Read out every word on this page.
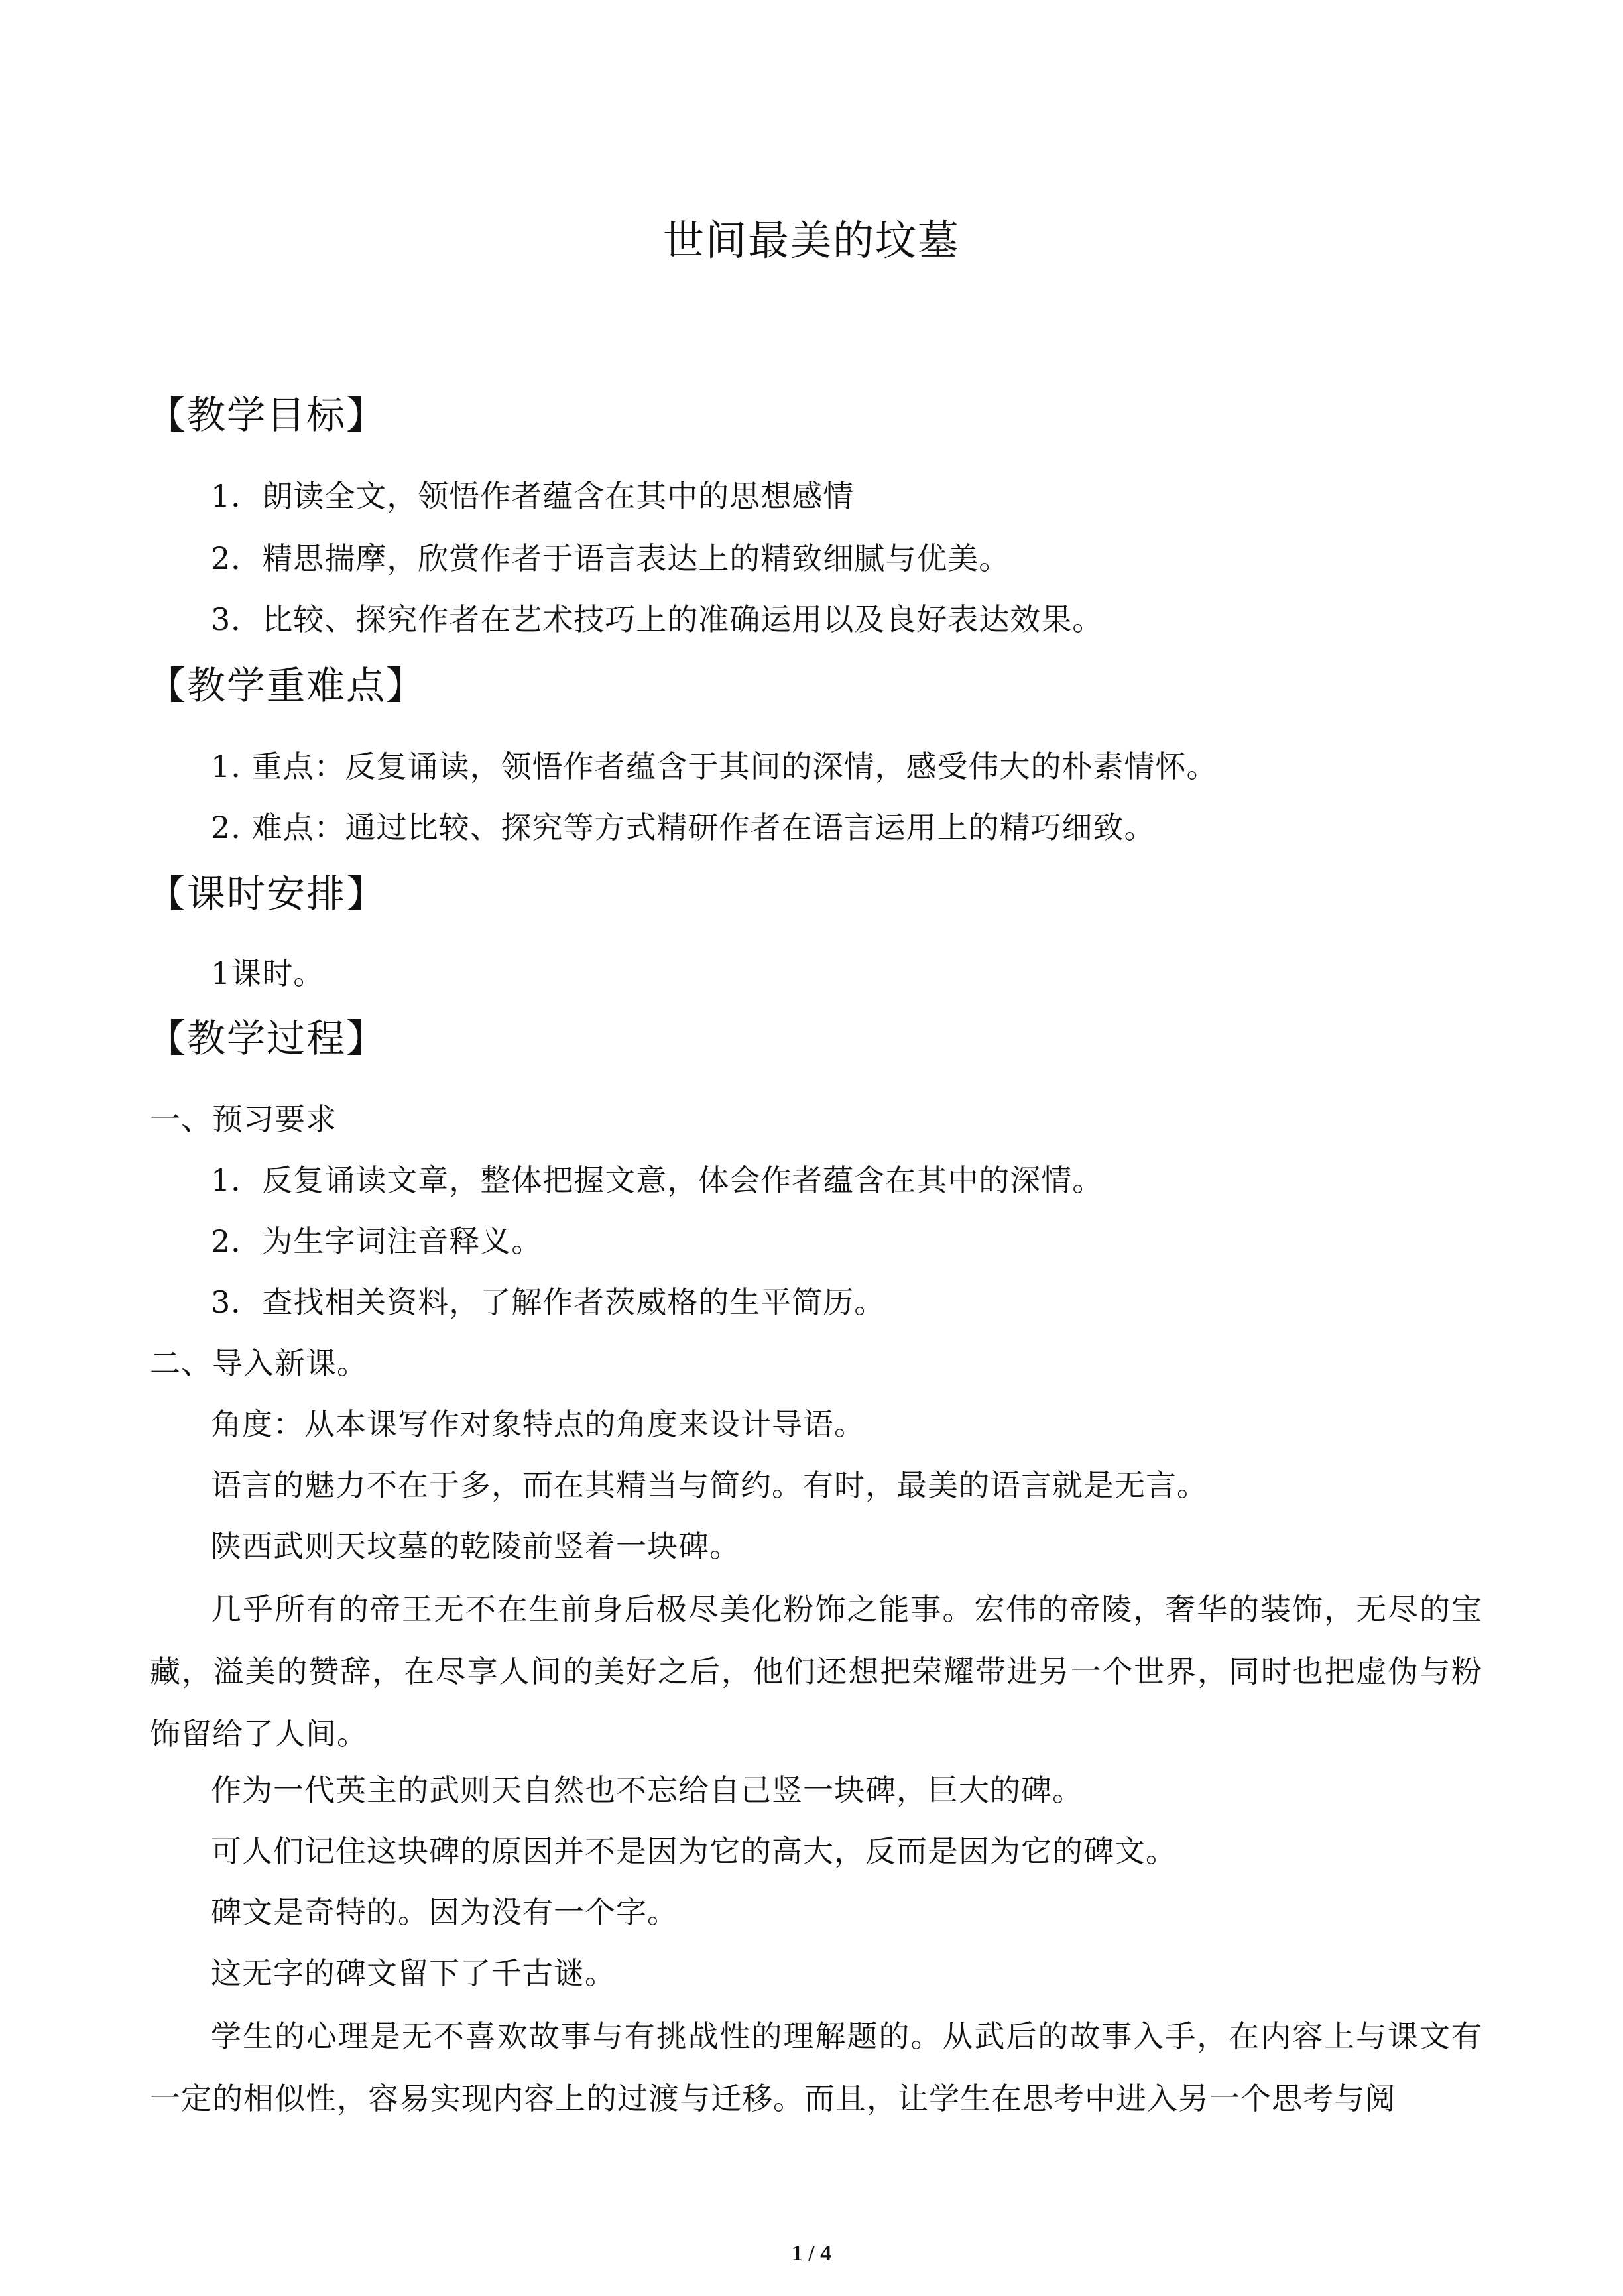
世间最美的坟墓
【教学目标】
1．朗读全文，领悟作者蕴含在其中的思想感情
2．精思揣摩，欣赏作者于语言表达上的精致细腻与优美。
3．比较、探究作者在艺术技巧上的准确运用以及良好表达效果。
【教学重难点】
1. 重点：反复诵读，领悟作者蕴含于其间的深情，感受伟大的朴素情怀。
2. 难点：通过比较、探究等方式精研作者在语言运用上的精巧细致。
【课时安排】
1课时。
【教学过程】
一、预习要求
1．反复诵读文章，整体把握文意，体会作者蕴含在其中的深情。
2．为生字词注音释义。
3．查找相关资料，了解作者茨威格的生平简历。
二、导入新课。
角度：从本课写作对象特点的角度来设计导语。
语言的魅力不在于多，而在其精当与简约。有时，最美的语言就是无言。
陕西武则天坟墓的乾陵前竖着一块碑。
几乎所有的帝王无不在生前身后极尽美化粉饰之能事。宏伟的帝陵，奢华的装饰，无尽的宝藏，溢美的赞辞，在尽享人间的美好之后，他们还想把荣耀带进另一个世界，同时也把虚伪与粉饰留给了人间。
作为一代英主的武则天自然也不忘给自己竖一块碑，巨大的碑。
可人们记住这块碑的原因并不是因为它的高大，反而是因为它的碑文。
碑文是奇特的。因为没有一个字。
这无字的碑文留下了千古谜。
学生的心理是无不喜欢故事与有挑战性的理解题的。从武后的故事入手，在内容上与课文有一定的相似性，容易实现内容上的过渡与迁移。而且，让学生在思考中进入另一个思考与阅
1 / 4
